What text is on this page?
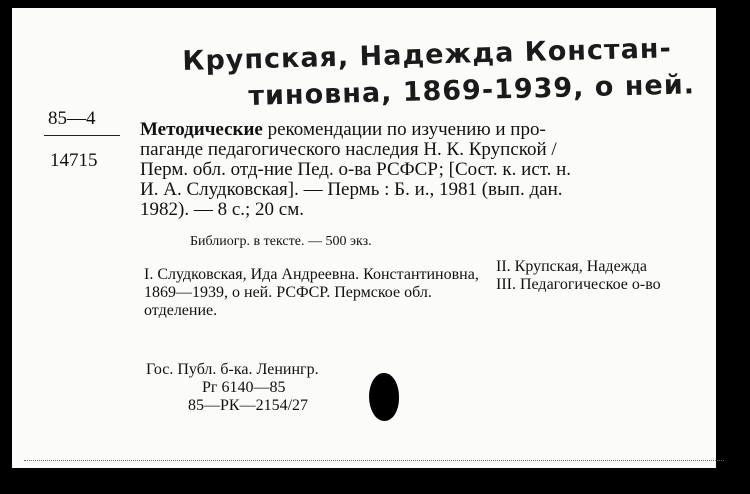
Крупская, Надежда Констан-
тиновна, 1869-1939, о ней.
85—4
14715
Методические рекомендации по изучению и про-
паганде педагогического наследия Н. К. Крупской /
Перм. обл. отд-ние Пед. о-ва РСФСР; [Сост. к. ист. н.
И. А. Слудковская]. — Пермь : Б. и., 1981 (вып. дан.
1982). — 8 с.; 20 см.
Библиогр. в тексте. — 500 экз.
I. Слудковская, Ида Андреевна. Константиновна, 1869—1939, о ней. РСФСР. Пермское обл. отделение.
II. Крупская, Надежда
III. Педагогическое о-во
Гос. Публ. б-ка. Ленингр.
Рг 6140—85
85—РК—2154/27
